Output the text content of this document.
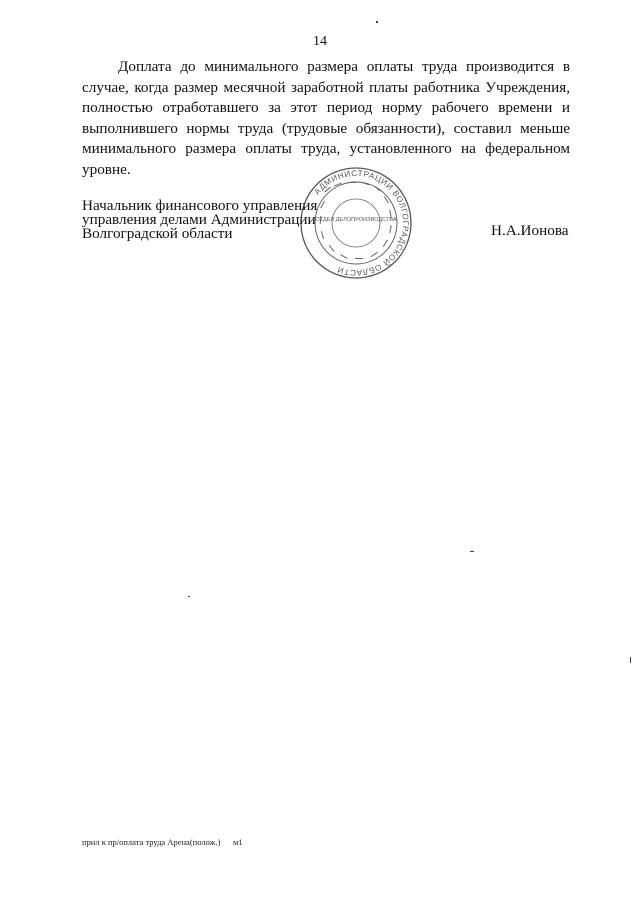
14

Доплата до минимального размера оплаты труда производится в случае, когда размер месячной заработной платы работника Учреждения, полностью отработавшего за этот период норму рабочего времени и выполнившего нормы труда (трудовые обязанности), составил меньше минимального размера оплаты труда, установленного на федеральном уровне.

Начальник финансового управления
управления делами Администрации
Волгоградской области	Н.А.Ионова
АДМИНИСТРАЦИИ ВОЛГОГРАДСКОЙ ОБЛАСТИ
ОТДЕЛ ДЕЛОПРОИЗВОДСТВА
прил к пр/оплата труда Арена(полож.) м1
